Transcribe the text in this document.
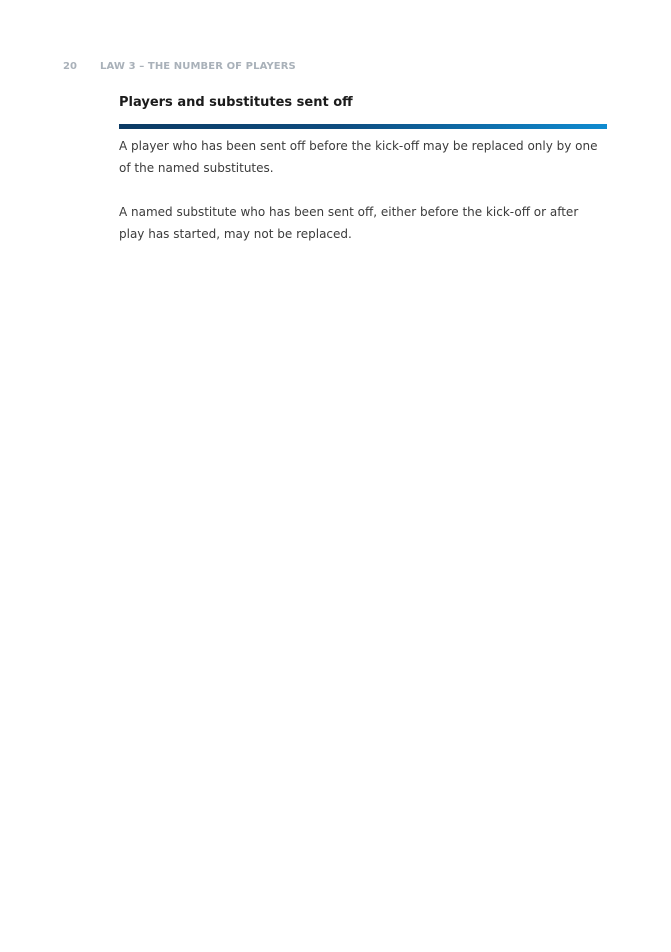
20	LAW 3 – THE NUMBER OF PLAYERS
Players and substitutes sent off

A player who has been sent off before the kick-off may be replaced only by one of the named substitutes.

A named substitute who has been sent off, either before the kick-off or after play has started, may not be replaced.
